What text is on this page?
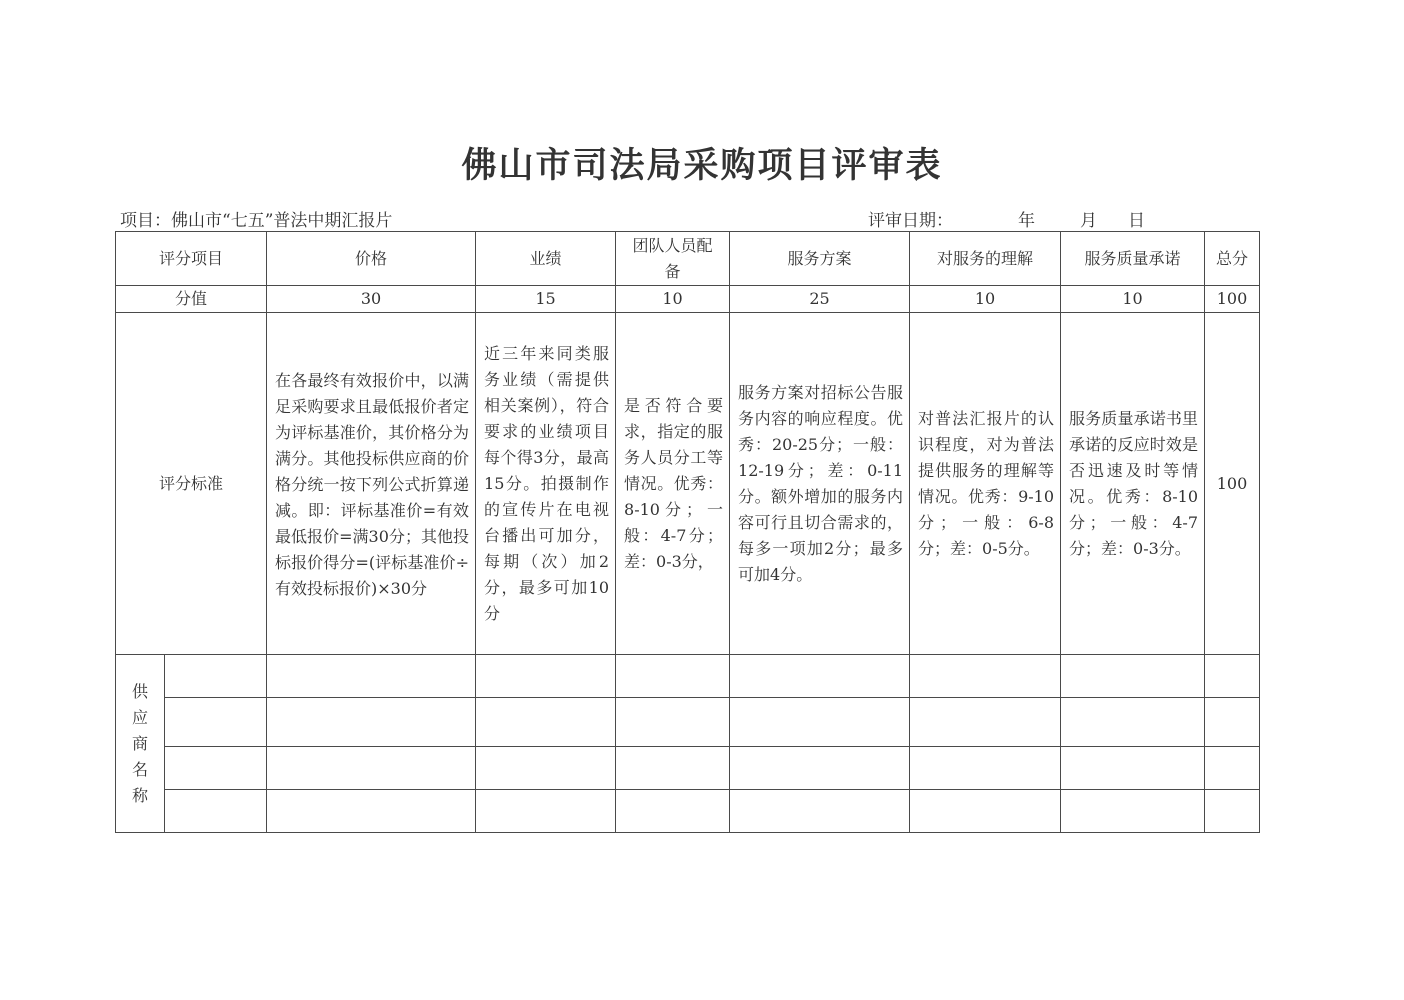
佛山市司法局采购项目评审表
项目：佛山市“七五”普法中期汇报片	评审日期：	年	月 日
评分项目		价格	业绩	团队人员配备	服务方案	对服务的理解	服务质量承诺	总分
分值		30	15	10	25	10	10	100
评分标准		在各最终有效报价中，以满足采购要求且最低报价者定为评标基准价，其价格分为满分。其他投标供应商的价格分统一按下列公式折算递减。即：评标基准价=有效最低报价=满30分；其他投标报价得分=(评标基准价÷有效投标报价)×30分	近三年来同类服务业绩（需提供相关案例），符合要求的业绩项目每个得3分，最高15分。拍摄制作的宣传片在电视台播出可加分，每期（次）加2分，最多可加10分	是否符合要求，指定的服务人员分工等情况。优秀：8-10分；一般：4-7分；差：0-3分，	服务方案对招标公告服务内容的响应程度。优秀：20-25分；一般：12-19分；差：0-11分。额外增加的服务内容可行且切合需求的，每多一项加2分；最多可加4分。	对普法汇报片的认识程度，对为普法提供服务的理解等情况。优秀：9-10分；一般：6-8分；差：0-5分。	服务质量承诺书里承诺的反应时效是否迅速及时等情况。优秀：8-10分；一般：4-7分；差：0-3分。	100

供应商名称								
